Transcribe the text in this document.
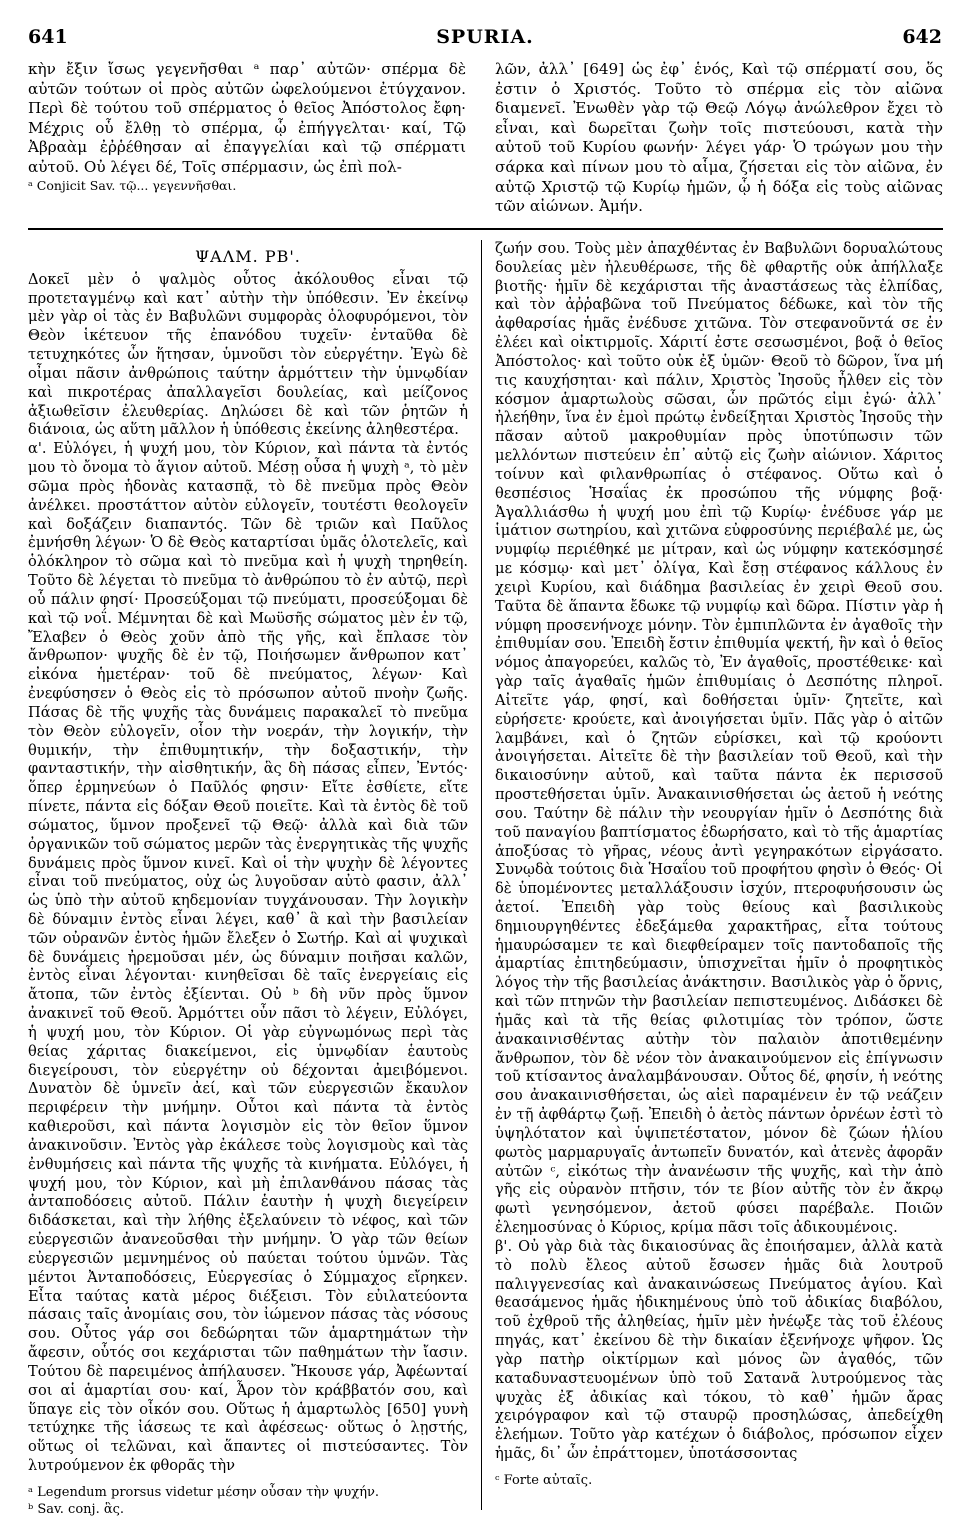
641	SPURIA.	642

κὴν ἔξιν ἴσως γεγενῆσθαι ᵃ παρ᾽ αὐτῶν· σπέρμα δὲ αὐτῶν τούτων οἱ πρὸς αὐτῶν ὠφελούμενοι ἐτύγχανον. Περὶ δὲ τούτου τοῦ σπέρματος ὁ θεῖος Ἀπόστολος ἔφη· Μέχρις οὗ ἔλθῃ τὸ σπέρμα, ᾧ ἐπήγγελται· καί, Τῷ Ἀβραὰμ ἐῤῥέθησαν αἱ ἐπαγγελίαι καὶ τῷ σπέρματι αὐτοῦ. Οὐ λέγει δέ, Τοῖς σπέρμασιν, ὡς ἐπὶ πολ-

ᵃ Conjicit Sav. τῷ... γεγεννῆσθαι.

λῶν, ἀλλ᾽ [649] ὡς ἐφ᾽ ἑνός, Καὶ τῷ σπέρματί σου, ὅς ἐστιν ὁ Χριστός. Τοῦτο τὸ σπέρμα εἰς τὸν αἰῶνα διαμενεῖ. Ἐνωθὲν γὰρ τῷ Θεῷ Λόγῳ ἀνώλεθρον ἔχει τὸ εἶναι, καὶ δωρεῖται ζωὴν τοῖς πιστεύουσι, κατὰ τὴν αὐτοῦ τοῦ Κυρίου φωνήν· λέγει γάρ· Ὁ τρώγων μου τὴν σάρκα καὶ πίνων μου τὸ αἷμα, ζήσεται εἰς τὸν αἰῶνα, ἐν αὐτῷ Χριστῷ τῷ Κυρίῳ ἡμῶν, ᾧ ἡ δόξα εἰς τοὺς αἰῶνας τῶν αἰώνων. Ἀμήν.

ΨΑΛΜ. ΡΒ'.

Δοκεῖ μὲν ὁ ψαλμὸς οὗτος ἀκόλουθος εἶναι τῷ προτεταγμένῳ καὶ κατ᾽ αὐτὴν τὴν ὑπόθεσιν. Ἐν ἐκείνῳ μὲν γὰρ οἱ τὰς ἐν Βαβυλῶνι συμφορὰς ὀλοφυρόμενοι, τὸν Θεὸν ἱκέτευον τῆς ἐπανόδου τυχεῖν· ἐνταῦθα δὲ τετυχηκότες ὧν ἥτησαν, ὑμνοῦσι τὸν εὐεργέτην. Ἐγὼ δὲ οἶμαι πᾶσιν ἀνθρώποις ταύτην ἁρμόττειν τὴν ὑμνῳδίαν καὶ πικροτέρας ἀπαλλαγεῖσι δουλείας, καὶ μείζονος ἀξιωθεῖσιν ἐλευθερίας. Δηλώσει δὲ καὶ τῶν ῥητῶν ἡ διάνοια, ὡς αὕτη μᾶλλον ἡ ὑπόθεσις ἐκείνης ἀληθεστέρα.

α'. Εὐλόγει, ἡ ψυχή μου, τὸν Κύριον, καὶ πάντα τὰ ἐντός μου τὸ ὄνομα τὸ ἅγιον αὐτοῦ. Μέσῃ οὖσα ἡ ψυχὴ ᵃ, τὸ μὲν σῶμα πρὸς ἡδονὰς κατασπᾷ, τὸ δὲ πνεῦμα πρὸς Θεὸν ἀνέλκει. προστάττον αὐτὸν εὐλογεῖν, τουτέστι θεολογεῖν καὶ δοξάζειν διαπαντός. Τῶν δὲ τριῶν καὶ Παῦλος ἐμνήσθη λέγων· Ὁ δὲ Θεὸς καταρτίσαι ὑμᾶς ὁλοτελεῖς, καὶ ὁλόκληρον τὸ σῶμα καὶ τὸ πνεῦμα καὶ ἡ ψυχὴ τηρηθείη. Τοῦτο δὲ λέγεται τὸ πνεῦμα τὸ ἀνθρώπου τὸ ἐν αὐτῷ, περὶ οὗ πάλιν φησί· Προσεύξομαι τῷ πνεύματι, προσεύξομαι δὲ καὶ τῷ νοΐ. Μέμνηται δὲ καὶ Μωϋσῆς σώματος μὲν ἐν τῷ, Ἔλαβεν ὁ Θεὸς χοῦν ἀπὸ τῆς γῆς, καὶ ἔπλασε τὸν ἄνθρωπον· ψυχῆς δὲ ἐν τῷ, Ποιήσωμεν ἄνθρωπον κατ᾽ εἰκόνα ἡμετέραν· τοῦ δὲ πνεύματος, λέγων· Καὶ ἐνεφύσησεν ὁ Θεὸς εἰς τὸ πρόσωπον αὐτοῦ πνοὴν ζωῆς. Πάσας δὲ τῆς ψυχῆς τὰς δυνάμεις παρακαλεῖ τὸ πνεῦμα τὸν Θεὸν εὐλογεῖν, οἷον τὴν νοεράν, τὴν λογικήν, τὴν θυμικήν, τὴν ἐπιθυμητικήν, τὴν δοξαστικήν, τὴν φανταστικήν, τὴν αἰσθητικήν, ἃς δὴ πάσας εἶπεν, Ἐντός· ὅπερ ἑρμηνεύων ὁ Παῦλός φησιν· Εἴτε ἐσθίετε, εἴτε πίνετε, πάντα εἰς δόξαν Θεοῦ ποιεῖτε. Καὶ τὰ ἐντὸς δὲ τοῦ σώματος, ὕμνον προξενεῖ τῷ Θεῷ· ἀλλὰ καὶ διὰ τῶν ὀργανικῶν τοῦ σώματος μερῶν τὰς ἐνεργητικὰς τῆς ψυχῆς δυνάμεις πρὸς ὕμνον κινεῖ. Καὶ οἱ τὴν ψυχὴν δὲ λέγοντες εἶναι τοῦ πνεύματος, οὐχ ὡς λυγοῦσαν αὐτὸ φασιν, ἀλλ᾽ ὡς ὑπὸ τὴν αὐτοῦ κηδεμονίαν τυγχάνουσαν. Τὴν λογικὴν δὲ δύναμιν ἐντὸς εἶναι λέγει, καθ᾽ ἃ καὶ τὴν βασιλείαν τῶν οὐρανῶν ἐντὸς ἡμῶν ἔλεξεν ὁ Σωτήρ. Καὶ αἱ ψυχικαὶ δὲ δυνάμεις ἠρεμοῦσαι μέν, ὡς δύναμιν ποιῆσαι καλῶν, ἐντὸς εἶναι λέγονται· κινηθεῖσαι δὲ ταῖς ἐνεργείαις εἰς ἄτοπα, τῶν ἐντὸς ἐξίενται. Οὐ ᵇ δὴ νῦν πρὸς ὕμνον ἀνακινεῖ τοῦ Θεοῦ. Ἁρμόττει οὖν πᾶσι τὸ λέγειν, Εὐλόγει, ἡ ψυχή μου, τὸν Κύριον. Οἱ γὰρ εὐγνωμόνως περὶ τὰς θείας χάριτας διακείμενοι, εἰς ὑμνῳδίαν ἑαυτοὺς διεγείρουσι, τὸν εὐεργέτην οὐ δέχονται ἀμειβόμενοι. Δυνατὸν δὲ ὑμνεῖν ἀεί, καὶ τῶν εὐεργεσιῶν ἔκαυλον περιφέρειν τὴν μνήμην. Οὗτοι καὶ πάντα τὰ ἐντὸς καθιεροῦσι, καὶ πάντα λογισμὸν εἰς τὸν θεῖον ὕμνον ἀνακινοῦσιν. Ἐντὸς γὰρ ἐκάλεσε τοὺς λογισμοὺς καὶ τὰς ἐνθυμήσεις καὶ πάντα τῆς ψυχῆς τὰ κινήματα. Εὐλόγει, ἡ ψυχή μου, τὸν Κύριον, καὶ μὴ ἐπιλανθάνου πάσας τὰς ἀνταποδόσεις αὐτοῦ. Πάλιν ἑαυτὴν ἡ ψυχὴ διεγείρειν διδάσκεται, καὶ τὴν λήθης ἐξελαύνειν τὸ νέφος, καὶ τῶν εὐεργεσιῶν ἀνανεοῦσθαι τὴν μνήμην. Ὁ γὰρ τῶν θείων εὐεργεσιῶν μεμνημένος οὐ παύεται τούτου ὑμνῶν. Τὰς μέντοι Ἀνταποδόσεις, Εὐεργεσίας ὁ Σύμμαχος εἴρηκεν. Εἶτα ταύτας κατὰ μέρος διέξεισι. Τὸν εὐιλατεύοντα πάσαις ταῖς ἀνομίαις σου, τὸν ἰώμενον πάσας τὰς νόσους σου. Οὗτος γάρ σοι δεδώρηται τῶν ἁμαρτημάτων τὴν ἄφεσιν, οὗτός σοι κεχάρισται τῶν παθημάτων τὴν ἴασιν. Τούτου δὲ παρειμένος ἀπήλαυσεν. Ἤκουσε γάρ, Ἀφέωνταί σοι αἱ ἁμαρτίαι σου· καί, Ἆρον τὸν κράββατόν σου, καὶ ὕπαγε εἰς τὸν οἶκόν σου. Οὕτως ἡ ἁμαρτωλὸς [650] γυνὴ τετύχηκε τῆς ἰάσεως τε καὶ ἀφέσεως· οὕτως ὁ λῃστής, οὕτως οἱ τελῶναι, καὶ ἅπαντες οἱ πιστεύσαντες. Τὸν λυτρούμενον ἐκ φθορᾶς τὴν

ᵃ Legendum prorsus videtur μέσην οὖσαν τὴν ψυχήν.
ᵇ Sav. conj. ἃς.

ζωήν σου. Τοὺς μὲν ἀπαχθέντας ἐν Βαβυλῶνι δορυαλώτους δουλείας μὲν ἠλευθέρωσε, τῆς δὲ φθαρτῆς οὐκ ἀπήλλαξε βιοτῆς· ἡμῖν δὲ κεχάρισται τῆς ἀναστάσεως τὰς ἐλπίδας, καὶ τὸν ἀῤῥαβῶνα τοῦ Πνεύματος δέδωκε, καὶ τὸν τῆς ἀφθαρσίας ἡμᾶς ἐνέδυσε χιτῶνα. Τὸν στεφανοῦντά σε ἐν ἐλέει καὶ οἰκτιρμοῖς. Χάριτί ἐστε σεσωσμένοι, βοᾷ ὁ θεῖος Ἀπόστολος· καὶ τοῦτο οὐκ ἐξ ὑμῶν· Θεοῦ τὸ δῶρον, ἵνα μή τις καυχήσηται· καὶ πάλιν, Χριστὸς Ἰησοῦς ἦλθεν εἰς τὸν κόσμον ἁμαρτωλοὺς σῶσαι, ὧν πρῶτός εἰμι ἐγώ· ἀλλ᾽ ἠλεήθην, ἵνα ἐν ἐμοὶ πρώτῳ ἐνδείξηται Χριστὸς Ἰησοῦς τὴν πᾶσαν αὐτοῦ μακροθυμίαν πρὸς ὑποτύπωσιν τῶν μελλόντων πιστεύειν ἐπ᾽ αὐτῷ εἰς ζωὴν αἰώνιον. Χάριτος τοίνυν καὶ φιλανθρωπίας ὁ στέφανος. Οὕτω καὶ ὁ θεσπέσιος Ἡσαΐας ἐκ προσώπου τῆς νύμφης βοᾷ· Ἀγαλλιάσθω ἡ ψυχή μου ἐπὶ τῷ Κυρίῳ· ἐνέδυσε γάρ με ἱμάτιον σωτηρίου, καὶ χιτῶνα εὐφροσύνης περιέβαλέ με, ὡς νυμφίῳ περιέθηκέ με μίτραν, καὶ ὡς νύμφην κατεκόσμησέ με κόσμῳ· καὶ μετ᾽ ὀλίγα, Καὶ ἔσῃ στέφανος κάλλους ἐν χειρὶ Κυρίου, καὶ διάδημα βασιλείας ἐν χειρὶ Θεοῦ σου. Ταῦτα δὲ ἅπαντα ἔδωκε τῷ νυμφίῳ καὶ δῶρα. Πίστιν γὰρ ἡ νύμφη προσενήνοχε μόνην. Τὸν ἐμπιπλῶντα ἐν ἀγαθοῖς τὴν ἐπιθυμίαν σου. Ἐπειδὴ ἔστιν ἐπιθυμία ψεκτή, ἣν καὶ ὁ θεῖος νόμος ἀπαγορεύει, καλῶς τὸ, Ἐν ἀγαθοῖς, προστέθεικε· καὶ γὰρ ταῖς ἀγαθαῖς ἡμῶν ἐπιθυμίαις ὁ Δεσπότης πληροῖ. Αἰτεῖτε γάρ, φησί, καὶ δοθήσεται ὑμῖν· ζητεῖτε, καὶ εὑρήσετε· κρούετε, καὶ ἀνοιγήσεται ὑμῖν. Πᾶς γὰρ ὁ αἰτῶν λαμβάνει, καὶ ὁ ζητῶν εὑρίσκει, καὶ τῷ κρούοντι ἀνοιγήσεται. Αἰτεῖτε δὲ τὴν βασιλείαν τοῦ Θεοῦ, καὶ τὴν δικαιοσύνην αὐτοῦ, καὶ ταῦτα πάντα ἐκ περισσοῦ προστεθήσεται ὑμῖν. Ἀνακαινισθήσεται ὡς ἀετοῦ ἡ νεότης σου. Ταύτην δὲ πάλιν τὴν νεουργίαν ἡμῖν ὁ Δεσπότης διὰ τοῦ παναγίου βαπτίσματος ἐδωρήσατο, καὶ τὸ τῆς ἁμαρτίας ἀποξύσας τὸ γῆρας, νέους ἀντὶ γεγηρακότων εἰργάσατο. Συνῳδὰ τούτοις διὰ Ἡσαΐου τοῦ προφήτου φησὶν ὁ Θεός· Οἱ δὲ ὑπομένοντες μεταλλάξουσιν ἰσχύν, πτεροφυήσουσιν ὡς ἀετοί. Ἐπειδὴ γὰρ τοὺς θείους καὶ βασιλικοὺς δημιουργηθέντες ἐδεξάμεθα χαρακτῆρας, εἶτα τούτους ἡμαυρώσαμεν τε καὶ διεφθείραμεν τοῖς παντοδαποῖς τῆς ἁμαρτίας ἐπιτηδεύμασιν, ὑπισχνεῖται ἡμῖν ὁ προφητικὸς λόγος τὴν τῆς βασιλείας ἀνάκτησιν. Βασιλικὸς γὰρ ὁ ὄρνις, καὶ τῶν πτηνῶν τὴν βασιλείαν πεπιστευμένος. Διδάσκει δὲ ἡμᾶς καὶ τὰ τῆς θείας φιλοτιμίας τὸν τρόπον, ὥστε ἀνακαινισθέντας αὐτὴν τὸν παλαιὸν ἀποτιθεμένην ἄνθρωπον, τὸν δὲ νέον τὸν ἀνακαινούμενον εἰς ἐπίγνωσιν τοῦ κτίσαντος ἀναλαμβάνουσαν. Οὗτος δέ, φησίν, ἡ νεότης σου ἀνακαινισθήσεται, ὡς αἰεὶ παραμένειν ἐν τῷ νεάζειν ἐν τῇ ἀφθάρτῳ ζωῇ. Ἐπειδὴ ὁ ἀετὸς πάντων ὀρνέων ἐστὶ τὸ ὑψηλότατον καὶ ὑψιπετέστατον, μόνον δὲ ζώων ἡλίου φωτὸς μαρμαρυγαῖς ἀντωπεῖν δυνατόν, καὶ ἀτενὲς ἀφορᾶν αὐτῶν ᶜ, εἰκότως τὴν ἀνανέωσιν τῆς ψυχῆς, καὶ τὴν ἀπὸ γῆς εἰς οὐρανὸν πτῆσιν, τόν τε βίον αὐτῆς τὸν ἐν ἄκρῳ φωτὶ γενησόμενον, ἀετοῦ φύσει παρέβαλε. Ποιῶν ἐλεημοσύνας ὁ Κύριος, κρίμα πᾶσι τοῖς ἀδικουμένοις.

β'. Οὐ γὰρ διὰ τὰς δικαιοσύνας ἃς ἐποιήσαμεν, ἀλλὰ κατὰ τὸ πολὺ ἔλεος αὐτοῦ ἔσωσεν ἡμᾶς διὰ λουτροῦ παλιγγενεσίας καὶ ἀνακαινώσεως Πνεύματος ἁγίου. Καὶ θεασάμενος ἡμᾶς ἠδικημένους ὑπὸ τοῦ ἀδικίας διαβόλου, τοῦ ἐχθροῦ τῆς ἀληθείας, ἡμῖν μὲν ἠνέῳξε τὰς τοῦ ἐλέους πηγάς, κατ᾽ ἐκείνου δὲ τὴν δικαίαν ἐξενήνοχε ψῆφον. Ὡς γὰρ πατὴρ οἰκτίρμων καὶ μόνος ὢν ἀγαθός, τῶν καταδυναστευομένων ὑπὸ τοῦ Σατανᾶ λυτρούμενος τὰς ψυχὰς ἐξ ἀδικίας καὶ τόκου, τὸ καθ᾽ ἡμῶν ἄρας χειρόγραφον καὶ τῷ σταυρῷ προσηλώσας, ἀπεδείχθη ἐλεήμων. Τοῦτο γὰρ κατέχων ὁ διάβολος, πρόσωπον εἶχεν ἡμᾶς, δι᾽ ὧν ἐπράττομεν, ὑποτάσσοντας

ᶜ Forte αὐταῖς.
